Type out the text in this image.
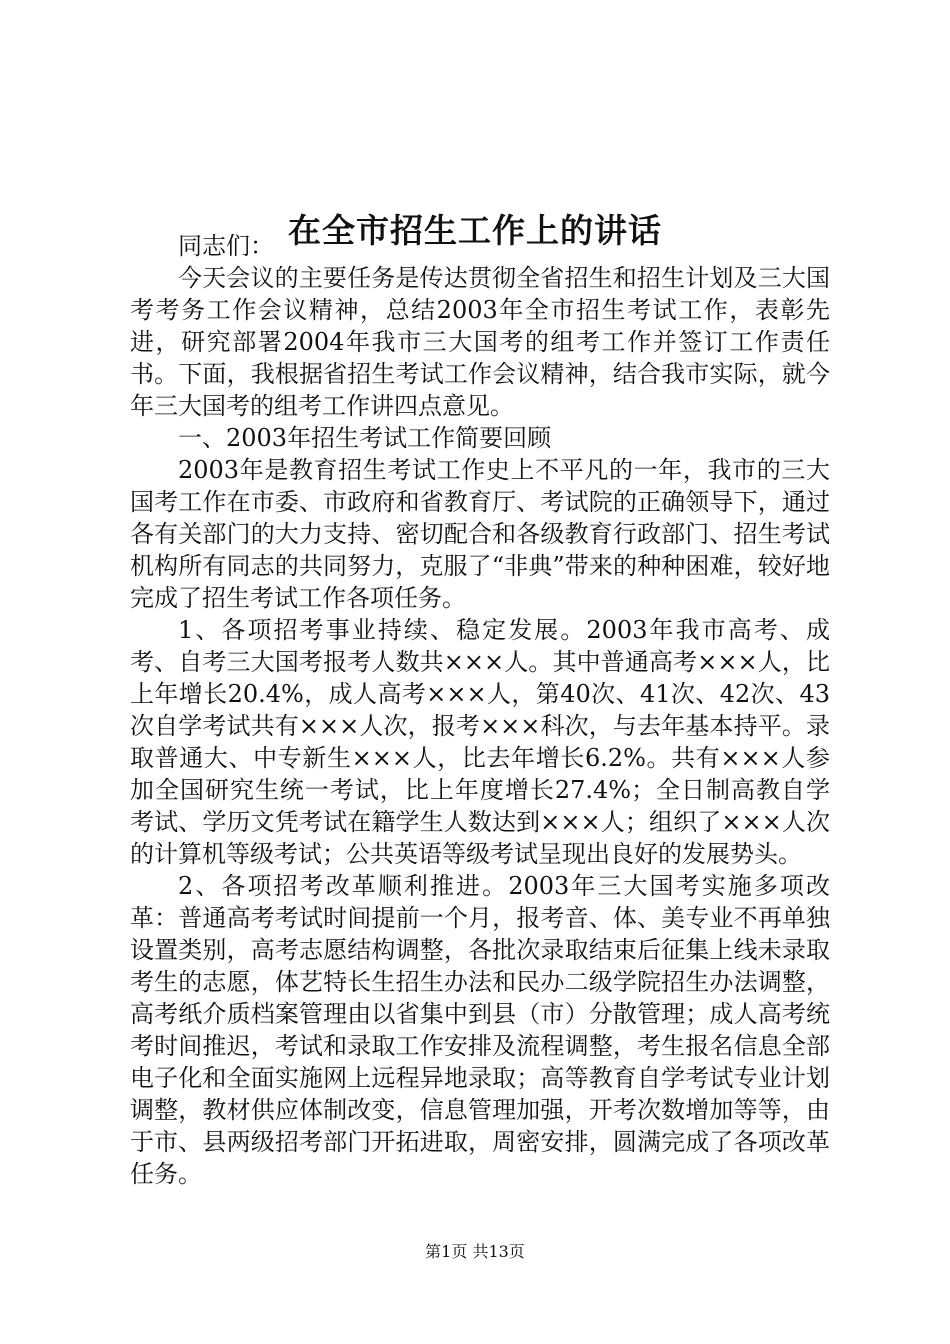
在全市招生工作上的讲话

同志们：

今天会议的主要任务是传达贯彻全省招生和招生计划及三大国考考务工作会议精神，总结2003年全市招生考试工作，表彰先进，研究部署2004年我市三大国考的组考工作并签订工作责任书。下面，我根据省招生考试工作会议精神，结合我市实际，就今年三大国考的组考工作讲四点意见。

一、2003年招生考试工作简要回顾

2003年是教育招生考试工作史上不平凡的一年，我市的三大国考工作在市委、市政府和省教育厅、考试院的正确领导下，通过各有关部门的大力支持、密切配合和各级教育行政部门、招生考试机构所有同志的共同努力，克服了“非典”带来的种种困难，较好地完成了招生考试工作各项任务。

1、各项招考事业持续、稳定发展。2003年我市高考、成考、自考三大国考报考人数共×××人。其中普通高考×××人，比上年增长20.4%，成人高考×××人，第40次、41次、42次、43次自学考试共有×××人次，报考×××科次，与去年基本持平。录取普通大、中专新生×××人，比去年增长6.2%。共有×××人参加全国研究生统一考试，比上年度增长27.4%；全日制高教自学考试、学历文凭考试在籍学生人数达到×××人；组织了×××人次的计算机等级考试；公共英语等级考试呈现出良好的发展势头。

2、各项招考改革顺利推进。2003年三大国考实施多项改革：普通高考考试时间提前一个月，报考音、体、美专业不再单独设置类别，高考志愿结构调整，各批次录取结束后征集上线未录取考生的志愿，体艺特长生招生办法和民办二级学院招生办法调整，高考纸介质档案管理由以省集中到县（市）分散管理；成人高考统考时间推迟，考试和录取工作安排及流程调整，考生报名信息全部电子化和全面实施网上远程异地录取；高等教育自学考试专业计划调整，教材供应体制改变，信息管理加强，开考次数增加等等，由于市、县两级招考部门开拓进取，周密安排，圆满完成了各项改革任务。

第1页 共13页
